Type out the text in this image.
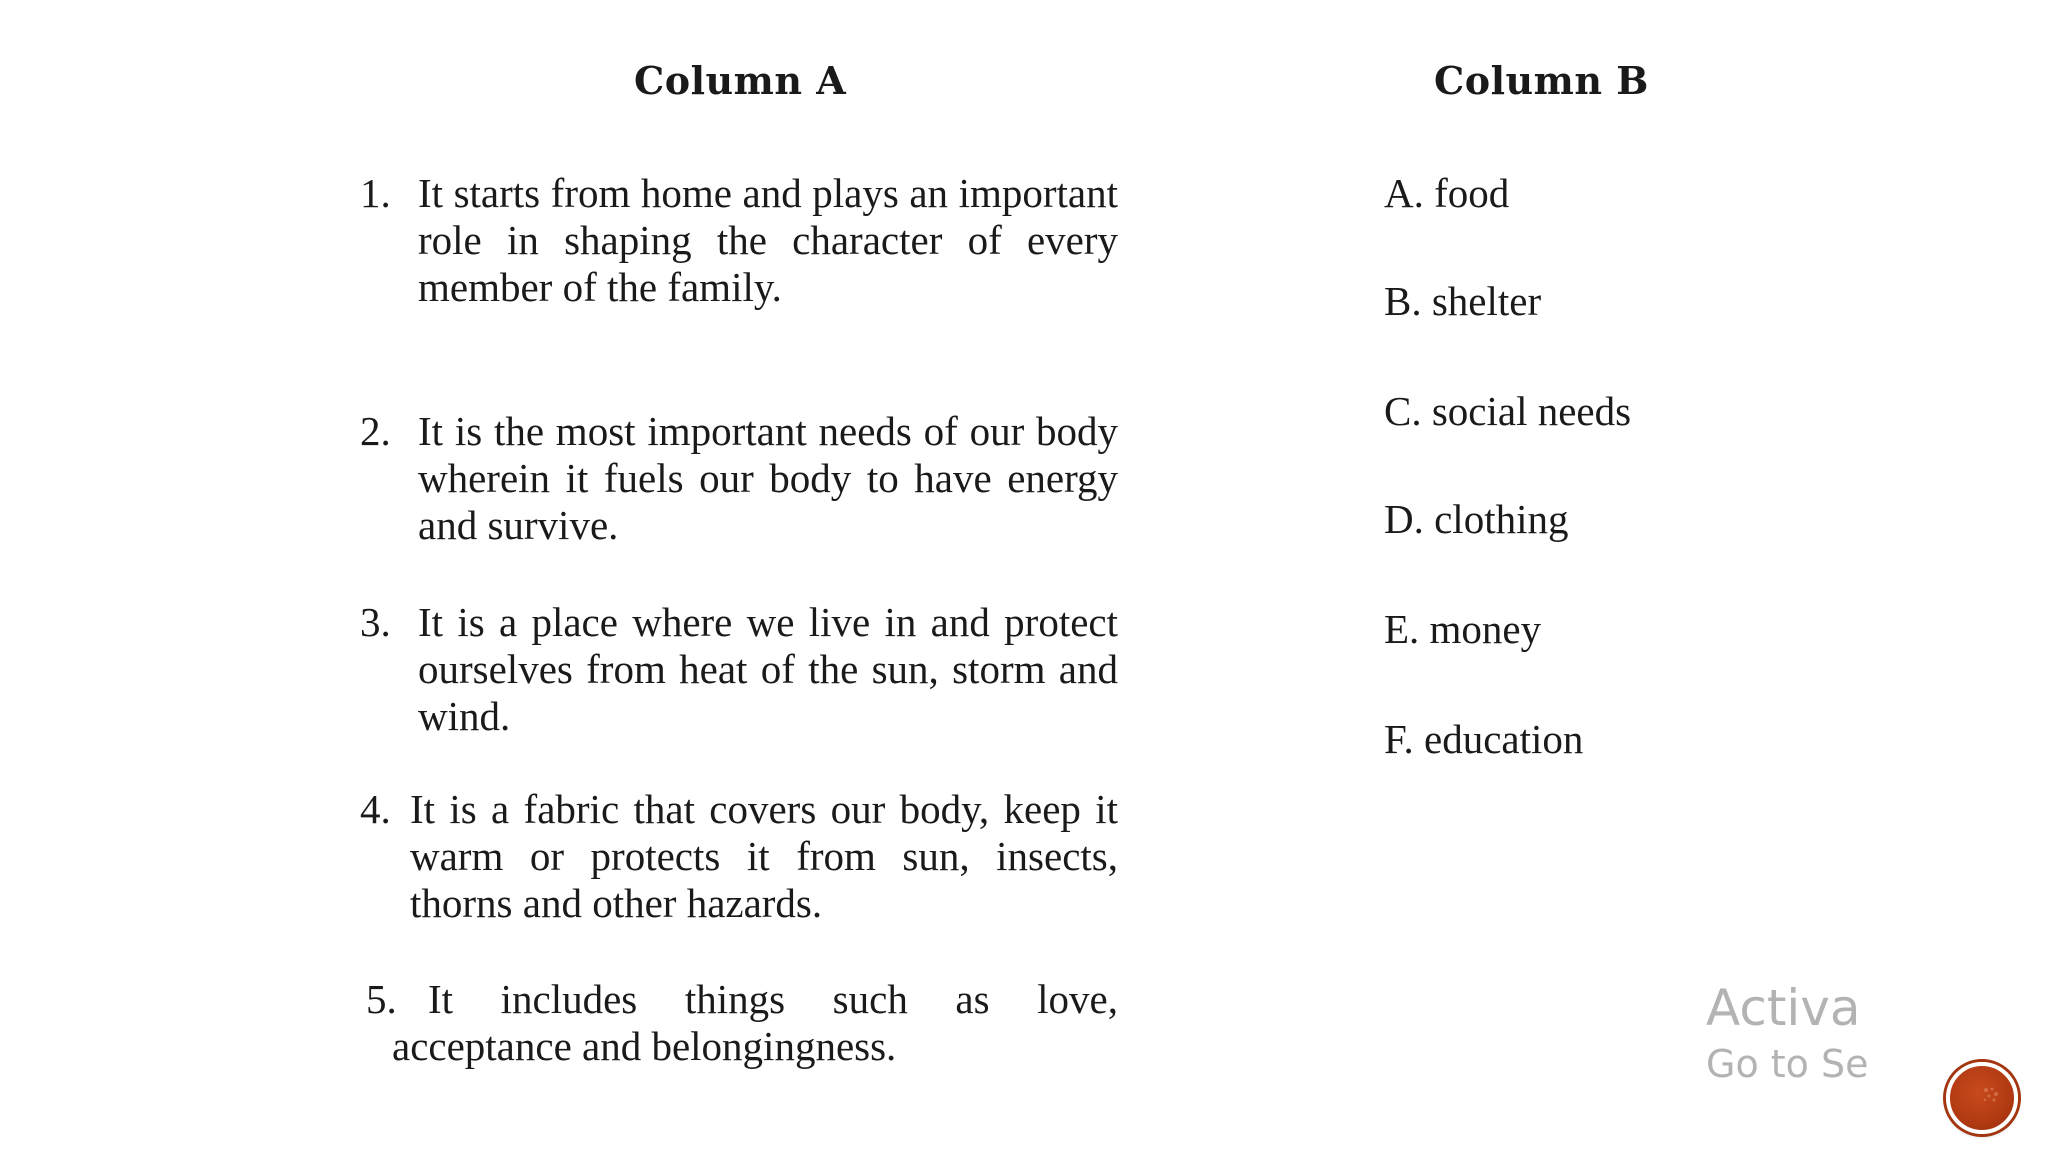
Column A	Column B
1. It starts from home and plays an important role in shaping the character of every member of the family.
2. It is the most important needs of our body wherein it fuels our body to have energy and survive.
3. It is a place where we live in and protect ourselves from heat of the sun, storm and wind.
4. It is a fabric that covers our body, keep it warm or protects it from sun, insects, thorns and other hazards.
5. It includes things such as love, acceptance and belongingness.
A. food
B. shelter
C. social needs
D. clothing
E. money
F. education
Activa
Go to Se
